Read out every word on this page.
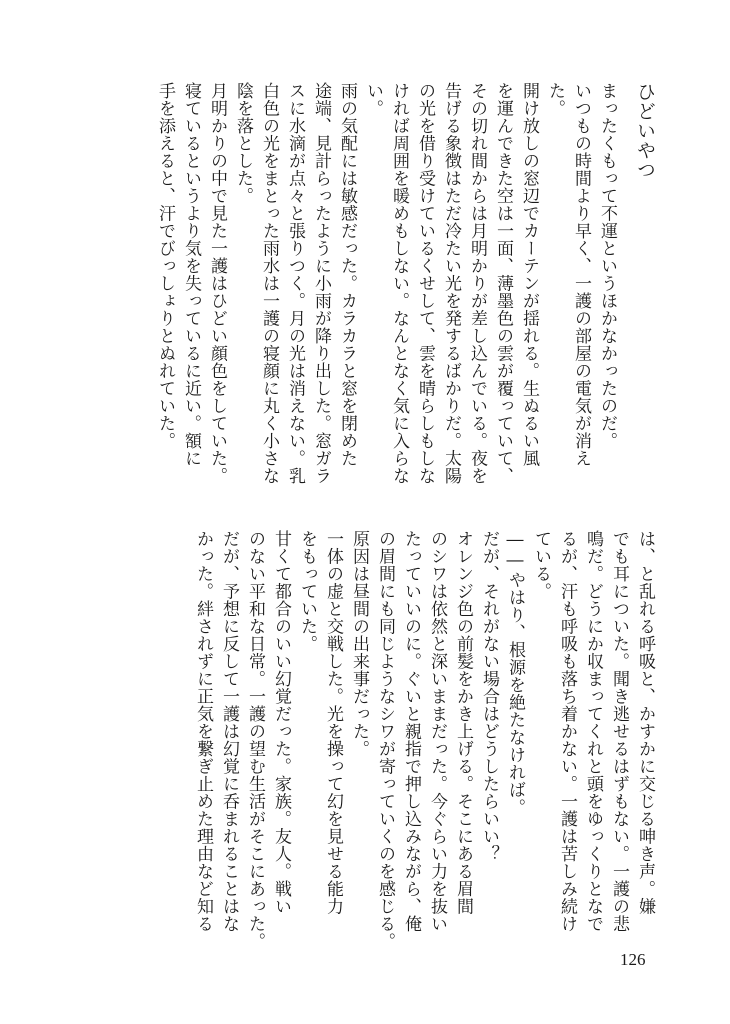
ひどいやつ
まったくもって不運というほかなかったのだ。
いつもの時間より早く、一護の部屋の電気が消え
た。
開け放しの窓辺でカーテンが揺れる。生ぬるい風
を運んできた空は一面、薄墨色の雲が覆っていて、
その切れ間からは月明かりが差し込んでいる。夜を
告げる象徴はただ冷たい光を発するばかりだ。太陽
の光を借り受けているくせして、雲を晴らしもしな
ければ周囲を暖めもしない。なんとなく気に入らな
い。
雨の気配には敏感だった。カラカラと窓を閉めた
途端、見計らったように小雨が降り出した。窓ガラ
スに水滴が点々と張りつく。月の光は消えない。乳
白色の光をまとった雨水は一護の寝顔に丸く小さな
陰を落とした。
月明かりの中で見た一護はひどい顔色をしていた。
寝ているというより気を失っているに近い。額に
手を添えると、汗でびっしょりとぬれていた。
は、と乱れる呼吸と、かすかに交じる呻き声。嫌
でも耳についた。聞き逃せるはずもない。一護の悲
鳴だ。どうにか収まってくれと頭をゆっくりとなで
るが、汗も呼吸も落ち着かない。一護は苦しみ続け
ている。
――やはり、根源を絶たなければ。
だが、それがない場合はどうしたらいい？
オレンジ色の前髪をかき上げる。そこにある眉間
のシワは依然と深いままだった。今ぐらい力を抜い
たっていいのに。ぐいと親指で押し込みながら、俺
の眉間にも同じようなシワが寄っていくのを感じる。
原因は昼間の出来事だった。
一体の虚と交戦した。光を操って幻を見せる能力
をもっていた。
甘くて都合のいい幻覚だった。家族。友人。戦い
のない平和な日常。一護の望む生活がそこにあった。
だが、予想に反して一護は幻覚に呑まれることはな
かった。絆されずに正気を繋ぎ止めた理由など知る
126
